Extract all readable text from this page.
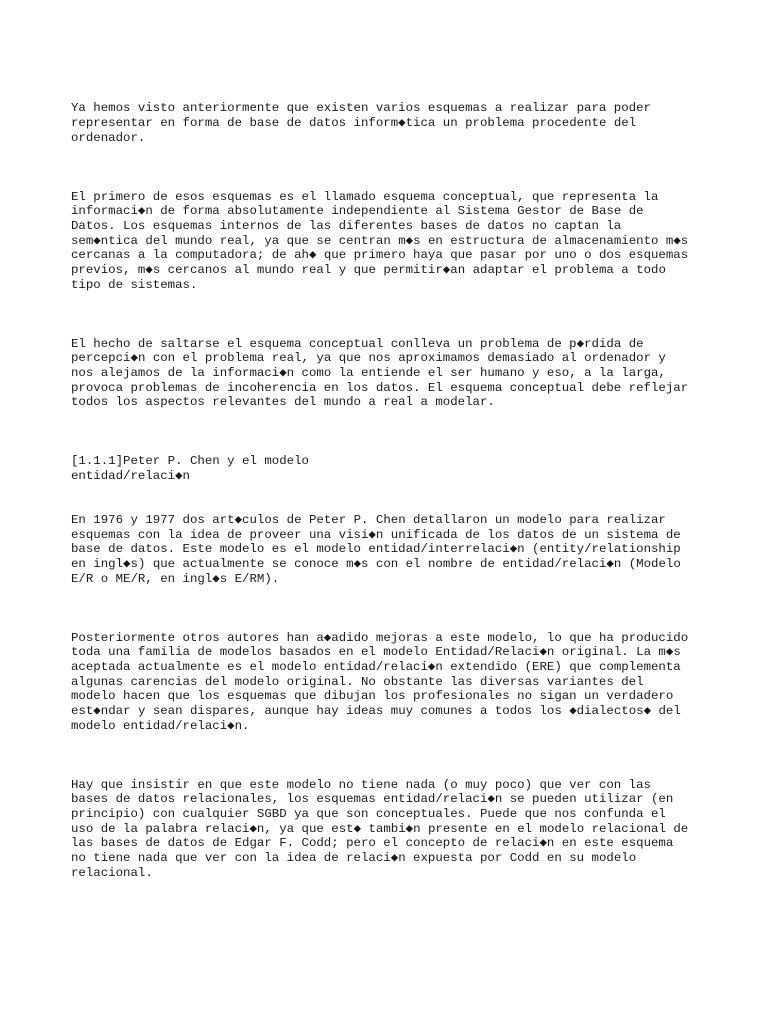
Ya hemos visto anteriormente que existen varios esquemas a realizar para poder
representar en forma de base de datos inform◆tica un problema procedente del
ordenador.

El primero de esos esquemas es el llamado esquema conceptual, que representa la
informaci◆n de forma absolutamente independiente al Sistema Gestor de Base de
Datos. Los esquemas internos de las diferentes bases de datos no captan la
sem◆ntica del mundo real, ya que se centran m◆s en estructura de almacenamiento m◆s
cercanas a la computadora; de ah◆ que primero haya que pasar por uno o dos esquemas
previos, m◆s cercanos al mundo real y que permitir◆an adaptar el problema a todo
tipo de sistemas.

El hecho de saltarse el esquema conceptual conlleva un problema de p◆rdida de
percepci◆n con el problema real, ya que nos aproximamos demasiado al ordenador y
nos alejamos de la informaci◆n como la entiende el ser humano y eso, a la larga,
provoca problemas de incoherencia en los datos. El esquema conceptual debe reflejar
todos los aspectos relevantes del mundo a real a modelar.

[1.1.1]Peter P. Chen y el modelo
entidad/relaci◆n

En 1976 y 1977 dos art◆culos de Peter P. Chen detallaron un modelo para realizar
esquemas con la idea de proveer una visi◆n unificada de los datos de un sistema de
base de datos. Este modelo es el modelo entidad/interrelaci◆n (entity/relationship
en ingl◆s) que actualmente se conoce m◆s con el nombre de entidad/relaci◆n (Modelo
E/R o ME/R, en ingl◆s E/RM).

Posteriormente otros autores han a◆adido mejoras a este modelo, lo que ha producido
toda una familia de modelos basados en el modelo Entidad/Relaci◆n original. La m◆s
aceptada actualmente es el modelo entidad/relaci◆n extendido (ERE) que complementa
algunas carencias del modelo original. No obstante las diversas variantes del
modelo hacen que los esquemas que dibujan los profesionales no sigan un verdadero
est◆ndar y sean dispares, aunque hay ideas muy comunes a todos los ◆dialectos◆ del
modelo entidad/relaci◆n.

Hay que insistir en que este modelo no tiene nada (o muy poco) que ver con las
bases de datos relacionales, los esquemas entidad/relaci◆n se pueden utilizar (en
principio) con cualquier SGBD ya que son conceptuales. Puede que nos confunda el
uso de la palabra relaci◆n, ya que est◆ tambi◆n presente en el modelo relacional de
las bases de datos de Edgar F. Codd; pero el concepto de relaci◆n en este esquema
no tiene nada que ver con la idea de relaci◆n expuesta por Codd en su modelo
relacional.
